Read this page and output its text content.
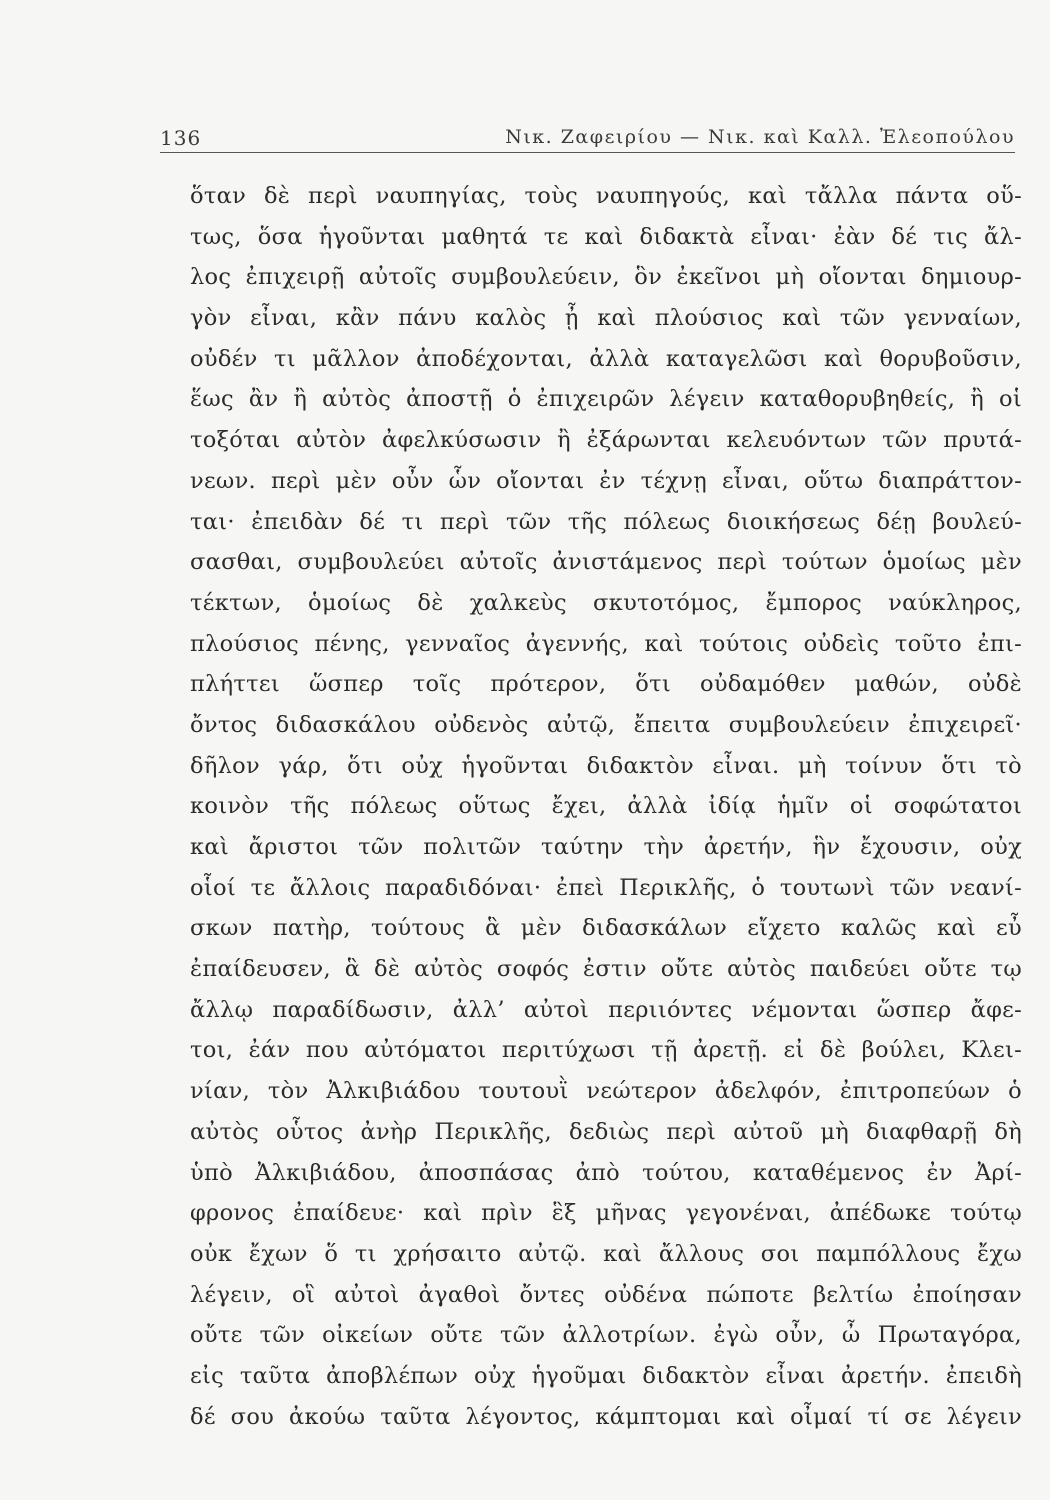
136	Νικ. Ζαφειρίου — Νικ. καὶ Καλλ. Ἐλεοπούλου
ὅταν δὲ περὶ ναυπηγίας, τοὺς ναυπηγούς, καὶ τἄλλα πάντα οὕ-
τως, ὅσα ἡγοῦνται μαθητά τε καὶ διδακτὰ εἶναι· ἐὰν δέ τις ἄλ-
λος ἐπιχειρῇ αὐτοῖς συμβουλεύειν, ὃν ἐκεῖνοι μὴ οἴονται δημιουρ-
γὸν εἶναι, κἂν πάνυ καλὸς ᾖ καὶ πλούσιος καὶ τῶν γενναίων,
οὐδέν τι μᾶλλον ἀποδέχονται, ἀλλὰ καταγελῶσι καὶ θορυβοῦσιν,
ἕως ἂν ἢ αὐτὸς ἀποστῇ ὁ ἐπιχειρῶν λέγειν καταθορυβηθείς, ἢ οἱ
τοξόται αὐτὸν ἀφελκύσωσιν ἢ ἐξάρωνται κελευόντων τῶν πρυτά-
νεων. περὶ μὲν οὖν ὧν οἴονται ἐν τέχνῃ εἶναι, οὕτω διαπράττον-
ται· ἐπειδὰν δέ τι περὶ τῶν τῆς πόλεως διοικήσεως δέῃ βουλεύ-
σασθαι, συμβουλεύει αὐτοῖς ἀνιστάμενος περὶ τούτων ὁμοίως μὲν
τέκτων, ὁμοίως δὲ χαλκεὺς σκυτοτόμος, ἔμπορος ναύκληρος,
πλούσιος πένης, γενναῖος ἀγεννής, καὶ τούτοις οὐδεὶς τοῦτο ἐπι-
πλήττει ὥσπερ τοῖς πρότερον, ὅτι οὐδαμόθεν μαθών, οὐδὲ
ὄντος διδασκάλου οὐδενὸς αὐτῷ, ἔπειτα συμβουλεύειν ἐπιχειρεῖ·
δῆλον γάρ, ὅτι οὐχ ἡγοῦνται διδακτὸν εἶναι. μὴ τοίνυν ὅτι τὸ
κοινὸν τῆς πόλεως οὕτως ἔχει, ἀλλὰ ἰδίᾳ ἡμῖν οἱ σοφώτατοι
καὶ ἄριστοι τῶν πολιτῶν ταύτην τὴν ἀρετήν, ἣν ἔχουσιν, οὐχ
οἷοί τε ἄλλοις παραδιδόναι· ἐπεὶ Περικλῆς, ὁ τουτωνὶ τῶν νεανί-
σκων πατὴρ, τούτους ἃ μὲν διδασκάλων εἴχετο καλῶς καὶ εὖ
ἐπαίδευσεν, ἃ δὲ αὐτὸς σοφός ἐστιν οὔτε αὐτὸς παιδεύει οὔτε τῳ
ἄλλῳ παραδίδωσιν, ἀλλ’ αὐτοὶ περιιόντες νέμονται ὥσπερ ἄφε-
τοι, ἐάν που αὐτόματοι περιτύχωσι τῇ ἀρετῇ. εἰ δὲ βούλει, Κλει-
νίαν, τὸν Ἀλκιβιάδου τουτουῒ νεώτερον ἀδελφόν, ἐπιτροπεύων ὁ
αὐτὸς οὗτος ἀνὴρ Περικλῆς, δεδιὼς περὶ αὐτοῦ μὴ διαφθαρῇ δὴ
ὑπὸ Ἀλκιβιάδου, ἀποσπάσας ἀπὸ τούτου, καταθέμενος ἐν Ἀρί-
φρονος ἐπαίδευε· καὶ πρὶν ἓξ μῆνας γεγονέναι, ἀπέδωκε τούτῳ
οὐκ ἔχων ὅ τι χρήσαιτο αὐτῷ. καὶ ἄλλους σοι παμπόλλους ἔχω
λέγειν, οἳ αὐτοὶ ἀγαθοὶ ὄντες οὐδένα πώποτε βελτίω ἐποίησαν
οὔτε τῶν οἰκείων οὔτε τῶν ἀλλοτρίων. ἐγὼ οὖν, ὦ Πρωταγόρα,
εἰς ταῦτα ἀποβλέπων οὐχ ἡγοῦμαι διδακτὸν εἶναι ἀρετήν. ἐπειδὴ
δέ σου ἀκούω ταῦτα λέγοντος, κάμπτομαι καὶ οἶμαί τί σε λέγειν
